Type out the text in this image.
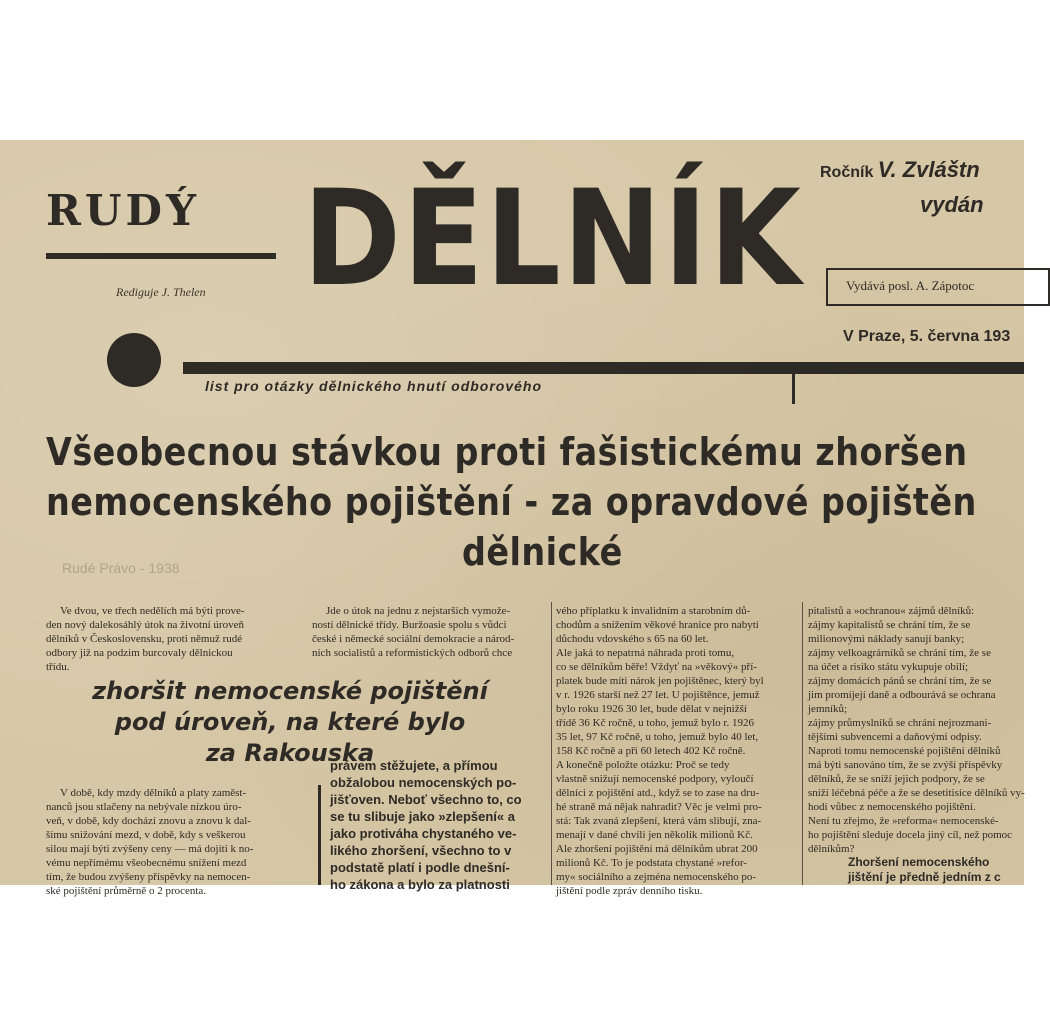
RUDÝ
Rediguje J. Thelen DĚLNÍK Ročník V. Zvláštn
vydán
Vydává posl. A. Zápotoc
V Praze, 5. června 193
list pro otázky dělnického hnutí odborového
Všeobecnou stávkou proti fašistickému zhoršen
nemocenského pojištění - za opravdové pojištěn
dělnické
Rudé Právo - 1938

Ve dvou, ve třech nedělích má býti prove-

den nový dalekosáhlý útok na životní úroveň

dělníků v Československu, proti němuž rudé

odbory již na podzim burcovaly dělnickou

třídu.

Jde o útok na jednu z nejstarších vymože-

ností dělnické třídy. Buržoasie spolu s vůdci

české i německé sociální demokracie a národ-

ních socialistů a reformistických odborů chce

zhoršit nemocenské pojištění
pod úroveň, na které bylo
za Rakouska

V době, kdy mzdy dělníků a platy zaměst-

nanců jsou stlačeny na nebývale nízkou úro-

veň, v době, kdy dochází znovu a znovu k dal-

šímu snižování mezd, v době, kdy s veškerou

silou mají býti zvýšeny ceny — má dojíti k no-

vému nepřímému všeobecnému snížení mezd

tím, že budou zvýšeny příspěvky na nemocen-

ské pojištění průměrně o 2 procenta.

právem stěžujete, a přímou
obžalobou nemocenských po-
jišťoven. Neboť všechno to, co
se tu slibuje jako »zlepšení« a
jako protiváha chystaného ve-
likého zhoršení, všechno to v
podstatě platí i podle dnešní-
ho zákona a bylo za platnosti

vého příplatku k invalidním a starobním dů-

chodům a snížením věkové hranice pro nabytí

důchodu vdovského s 65 na 60 let.

Ale jaká to nepatrná náhrada proti tomu,

co se dělníkům běře! Vždyť na »věkový« pří-

platek bude míti nárok jen pojištěnec, který byl

v r. 1926 starší než 27 let. U pojištěnce, jemuž

bylo roku 1926 30 let, bude dělat v nejnižší

třídě 36 Kč ročně, u toho, jemuž bylo r. 1926

35 let, 97 Kč ročně, u toho, jemuž bylo 40 let,

158 Kč ročně a při 60 letech 402 Kč ročně.

A konečně položte otázku: Proč se tedy

vlastně snižují nemocenské podpory, vyloučí

dělníci z pojištění atd., když se to zase na dru-

hé straně má nějak nahradit? Věc je velmi pro-

stá: Tak zvaná zlepšení, která vám slibují, zna-

menají v dané chvíli jen několik milionů Kč.

Ale zhoršení pojištění má dělníkům ubrat 200

milionů Kč. To je podstata chystané »refor-

my« sociálního a zejména nemocenského po-

jištění podle zpráv denního tisku.

pitalistů a »ochranou« zájmů dělníků:

zájmy kapitalistů se chrání tím, že se

milionovými náklady sanují banky;

zájmy velkoagrárníků se chrání tím, že se

na účet a risiko státu vykupuje obilí;

zájmy domácích pánů se chrání tím, že se

jim promíjejí daně a odbourává se ochrana

jemníků;

zájmy průmyslníků se chrání nejrozmani-

tějšími subvencemi a daňovými odpisy.

Naproti tomu nemocenské pojištění dělníků

má býti sanováno tím, že se zvýší příspěvky

dělníků, že se sníží jejich podpory, že se

sníží léčebná péče a že se desetitisíce dělníků vy-

hodí vůbec z nemocenského pojištění.

Není tu zřejmo, že »reforma« nemocenské-

ho pojištění sleduje docela jiný cíl, než pomoc

dělníkům?

Zhoršení nemocenského
jištění je předně jedním z c
